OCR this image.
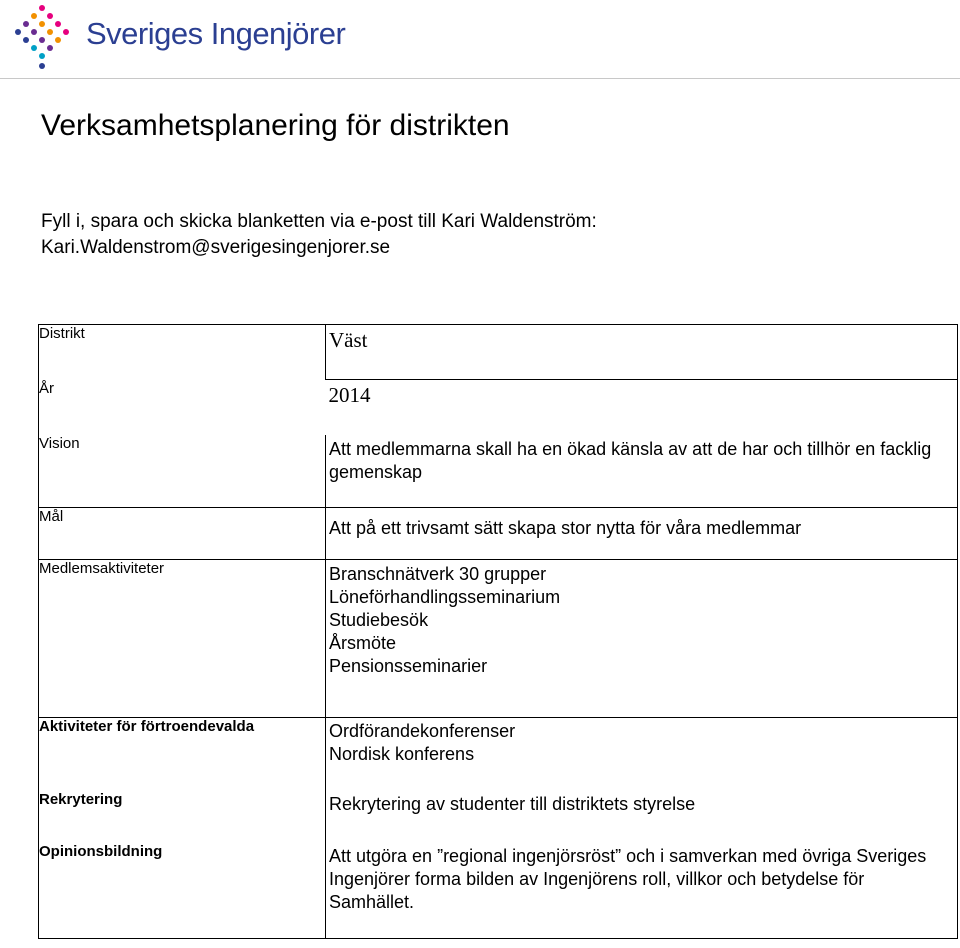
Sveriges Ingenjörer
Verksamhetsplanering för distrikten
Fyll i, spara och skicka blanketten via e-post till Kari Waldenström:
Kari.Waldenstrom@sverigesingenjorer.se
Distrikt	Väst
År	2014
Vision	Att medlemmarna skall ha en ökad känsla av att de har och tillhör en facklig gemenskap
Mål	Att på ett trivsamt sätt skapa stor nytta för våra medlemmar
Medlemsaktiviteter	Branschnätverk 30 grupper
Löneförhandlingsseminarium
Studiebesök
Årsmöte
Pensionsseminarier

Aktiviteter för förtroendevalda	Ordförandekonferenser
Nordisk konferens

Rekrytering	Rekrytering av studenter till distriktets styrelse
Opinionsbildning	Att utgöra en ”regional ingenjörsröst” och i samverkan med övriga Sveriges Ingenjörer forma bilden av Ingenjörens roll, villkor och betydelse för Samhället.
